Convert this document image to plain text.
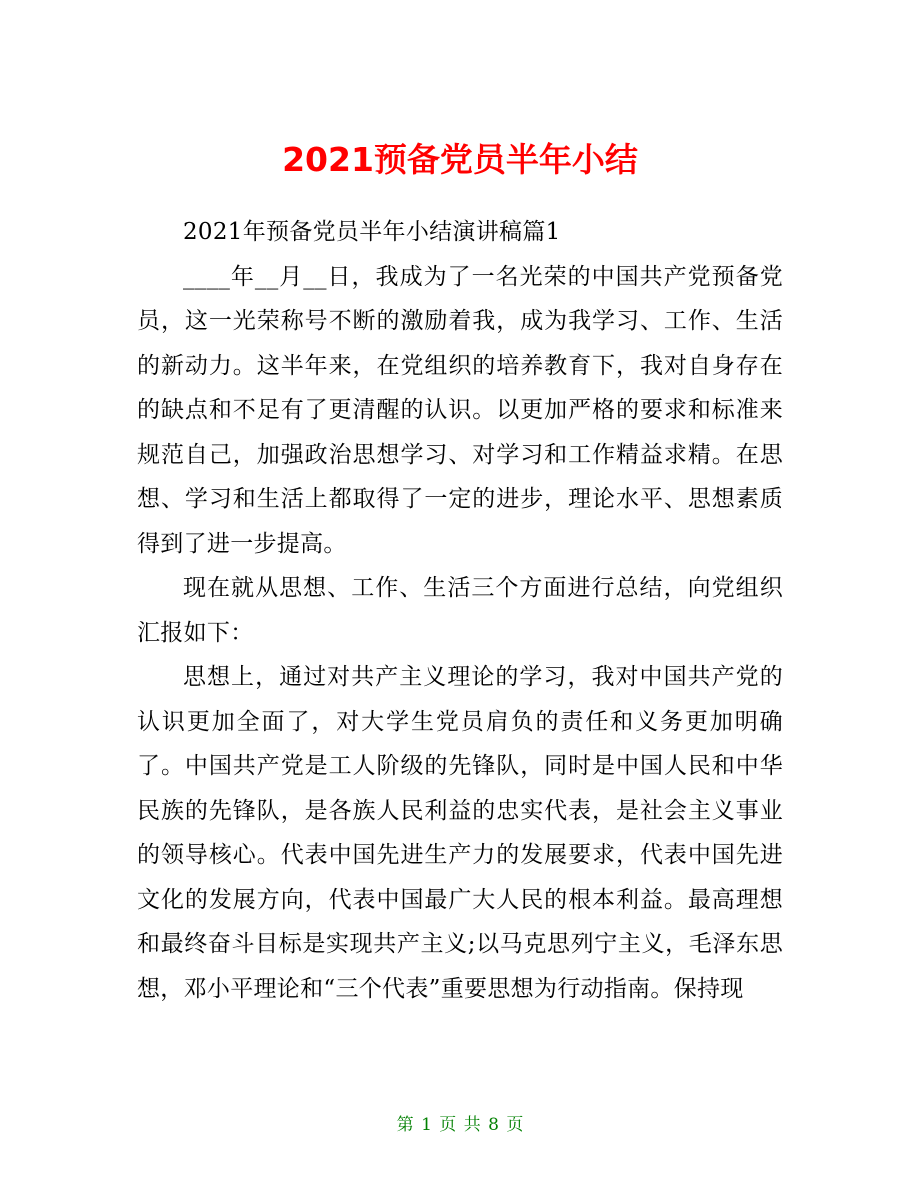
2021预备党员半年小结

2021年预备党员半年小结演讲稿篇1

____年__月__日，我成为了一名光荣的中国共产党预备党员，这一光荣称号不断的激励着我，成为我学习、工作、生活的新动力。这半年来，在党组织的培养教育下，我对自身存在的缺点和不足有了更清醒的认识。以更加严格的要求和标准来规范自己，加强政治思想学习、对学习和工作精益求精。在思想、学习和生活上都取得了一定的进步，理论水平、思想素质得到了进一步提高。

现在就从思想、工作、生活三个方面进行总结，向党组织汇报如下：

思想上，通过对共产主义理论的学习，我对中国共产党的认识更加全面了，对大学生党员肩负的责任和义务更加明确了。中国共产党是工人阶级的先锋队，同时是中国人民和中华民族的先锋队，是各族人民利益的忠实代表，是社会主义事业的领导核心。代表中国先进生产力的发展要求，代表中国先进文化的发展方向，代表中国最广大人民的根本利益。最高理想和最终奋斗目标是实现共产主义;以马克思列宁主义，毛泽东思想，邓小平理论和“三个代表”重要思想为行动指南。保持现

第 1 页 共 8 页
